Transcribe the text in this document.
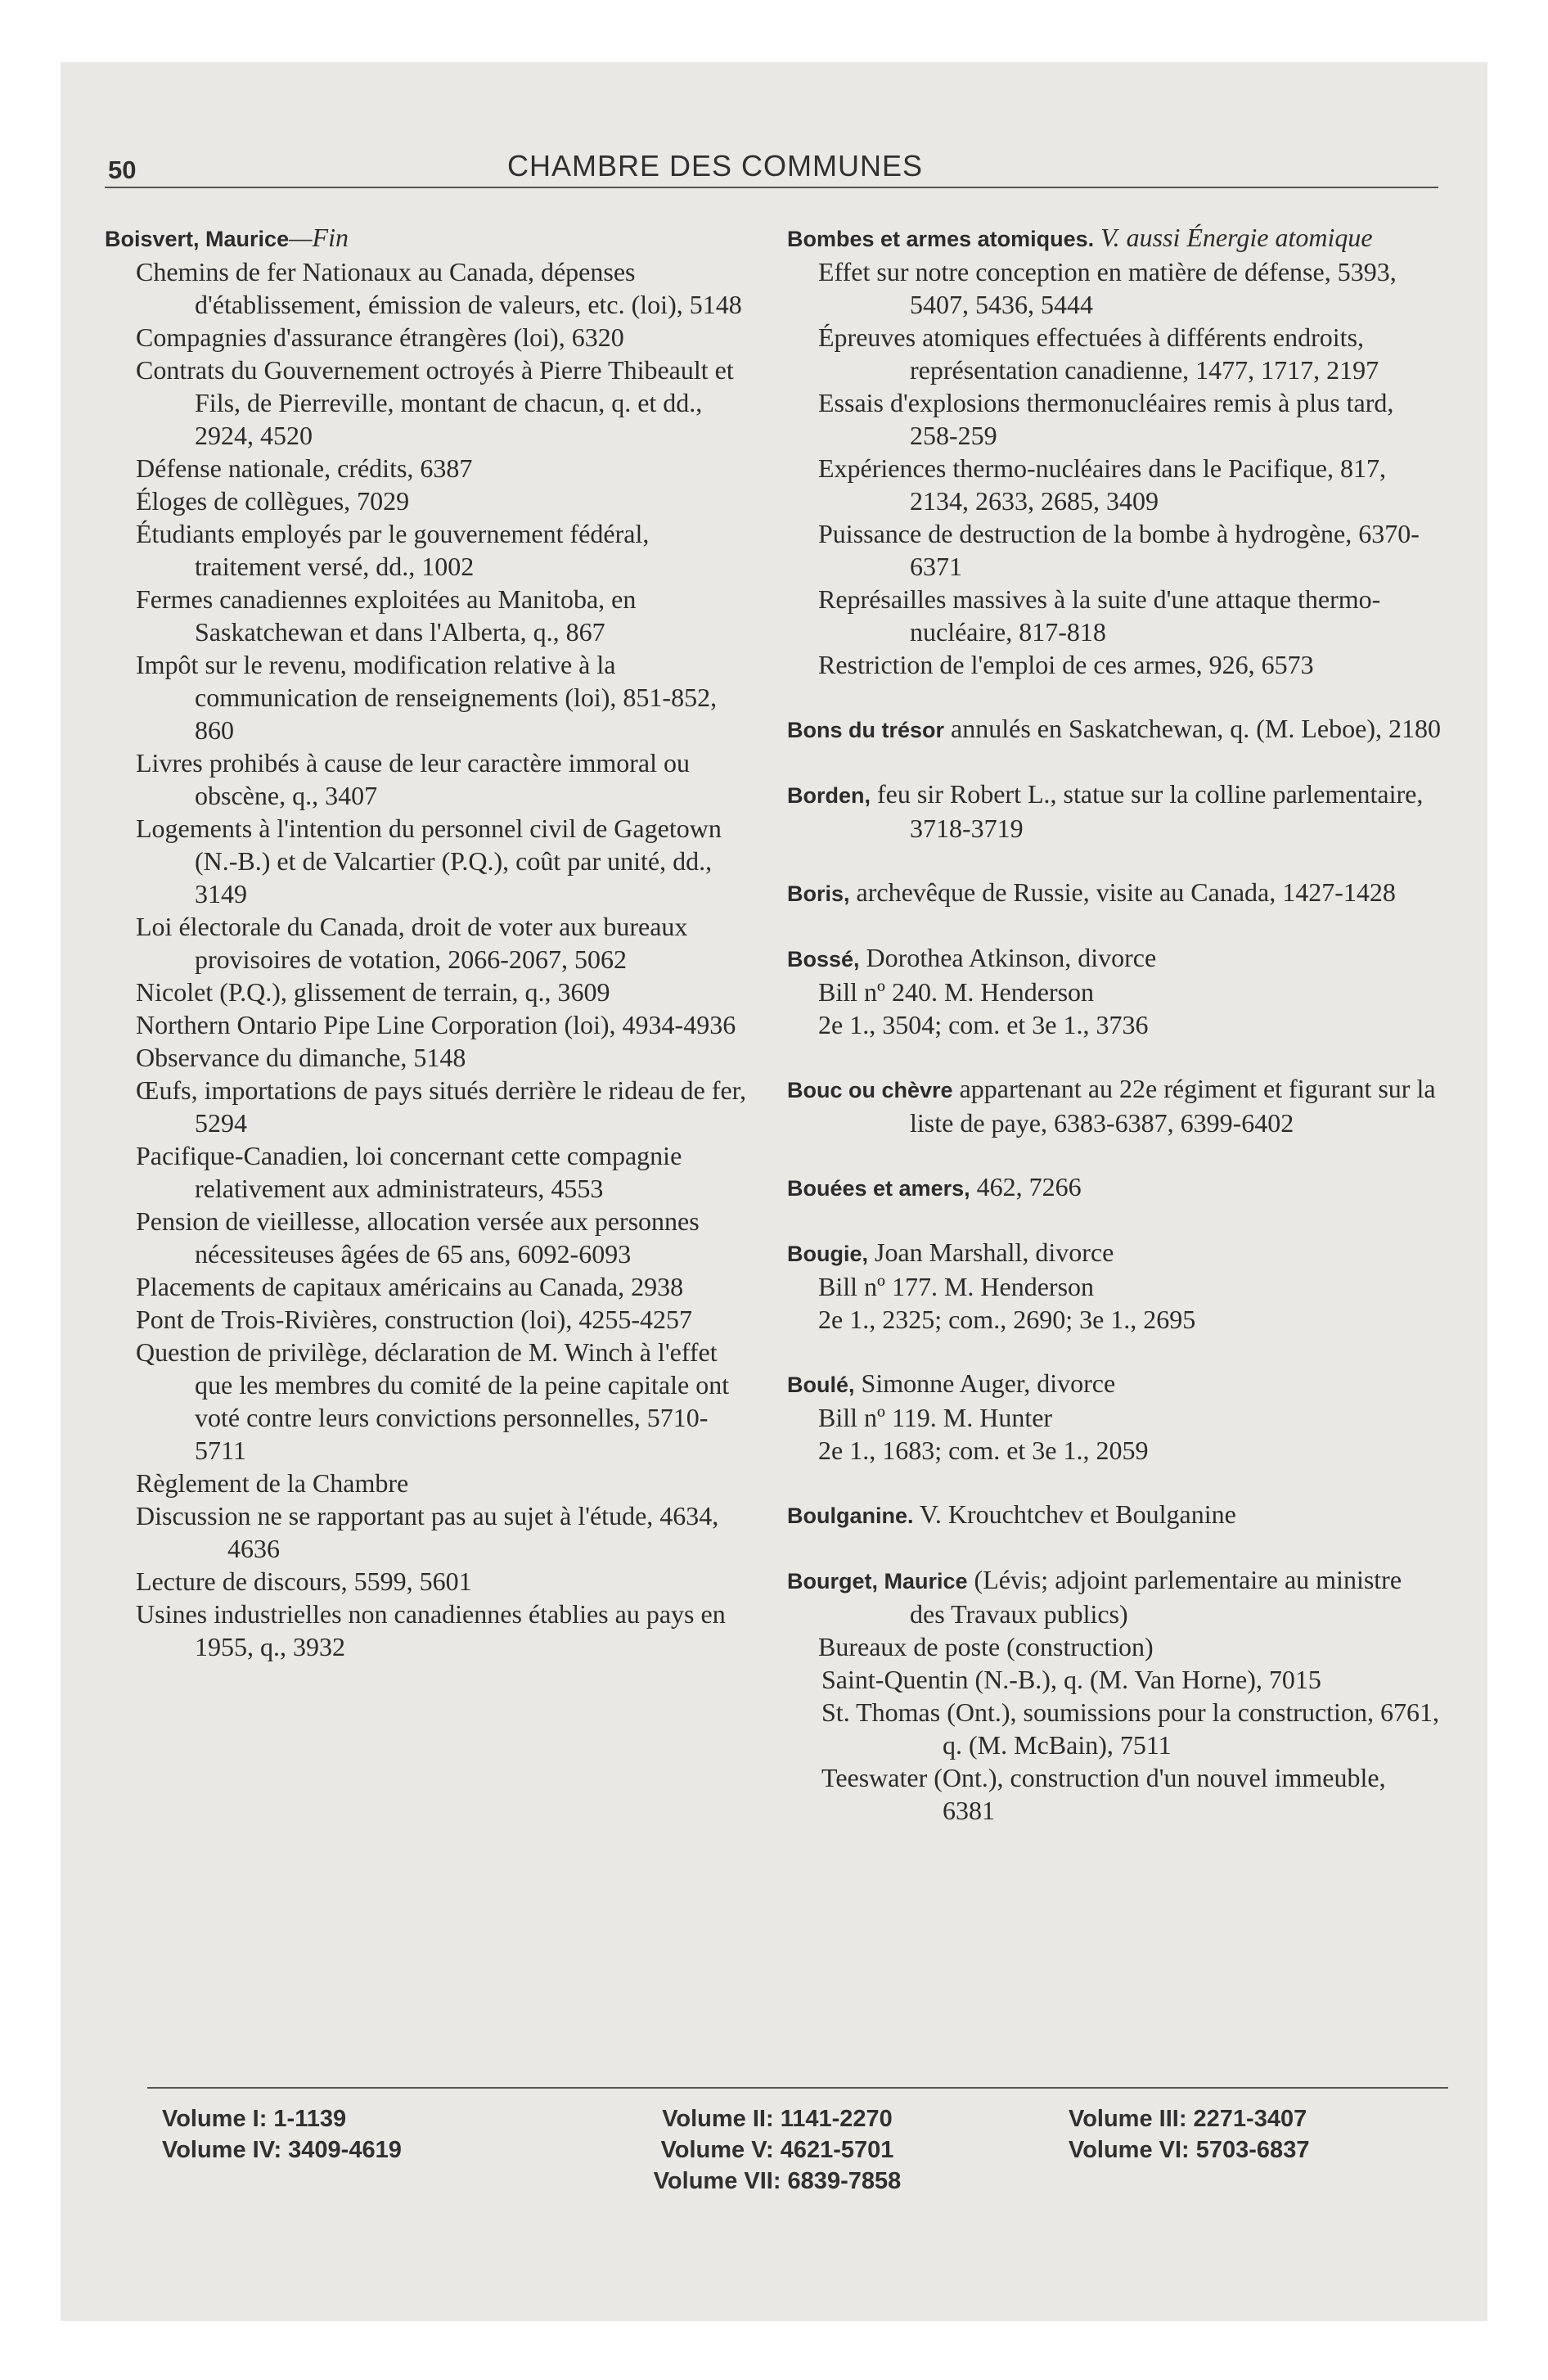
50	CHAMBRE DES COMMUNES

Boisvert, Maurice—Fin

Chemins de fer Nationaux au Canada, dépenses d'établissement, émission de valeurs, etc. (loi), 5148

Compagnies d'assurance étrangères (loi), 6320

Contrats du Gouvernement octroyés à Pierre Thibeault et Fils, de Pierreville, montant de chacun, q. et dd., 2924, 4520

Défense nationale, crédits, 6387

Éloges de collègues, 7029

Étudiants employés par le gouvernement fédéral, traitement versé, dd., 1002

Fermes canadiennes exploitées au Manitoba, en Saskatchewan et dans l'Alberta, q., 867

Impôt sur le revenu, modification relative à la communication de renseignements (loi), 851-852, 860

Livres prohibés à cause de leur caractère immoral ou obscène, q., 3407

Logements à l'intention du personnel civil de Gagetown (N.-B.) et de Valcartier (P.Q.), coût par unité, dd., 3149

Loi électorale du Canada, droit de voter aux bureaux provisoires de votation, 2066-2067, 5062

Nicolet (P.Q.), glissement de terrain, q., 3609

Northern Ontario Pipe Line Corporation (loi), 4934-4936

Observance du dimanche, 5148

Œufs, importations de pays situés derrière le rideau de fer, 5294

Pacifique-Canadien, loi concernant cette compagnie relativement aux administrateurs, 4553

Pension de vieillesse, allocation versée aux personnes nécessiteuses âgées de 65 ans, 6092-6093

Placements de capitaux américains au Canada, 2938

Pont de Trois-Rivières, construction (loi), 4255-4257

Question de privilège, déclaration de M. Winch à l'effet que les membres du comité de la peine capitale ont voté contre leurs convictions personnelles, 5710-5711

Règlement de la Chambre

Discussion ne se rapportant pas au sujet à l'étude, 4634, 4636

Lecture de discours, 5599, 5601

Usines industrielles non canadiennes établies au pays en 1955, q., 3932

Bombes et armes atomiques. V. aussi Énergie atomique

Effet sur notre conception en matière de défense, 5393, 5407, 5436, 5444

Épreuves atomiques effectuées à différents endroits, représentation canadienne, 1477, 1717, 2197

Essais d'explosions thermonucléaires remis à plus tard, 258-259

Expériences thermo-nucléaires dans le Pacifique, 817, 2134, 2633, 2685, 3409

Puissance de destruction de la bombe à hydrogène, 6370-6371

Représailles massives à la suite d'une attaque thermo-nucléaire, 817-818

Restriction de l'emploi de ces armes, 926, 6573

Bons du trésor annulés en Saskatchewan, q. (M. Leboe), 2180

Borden, feu sir Robert L., statue sur la colline parlementaire, 3718-3719

Boris, archevêque de Russie, visite au Canada, 1427-1428

Bossé, Dorothea Atkinson, divorce

Bill nº 240. M. Henderson

2e 1., 3504; com. et 3e 1., 3736

Bouc ou chèvre appartenant au 22e régiment et figurant sur la liste de paye, 6383-6387, 6399-6402

Bouées et amers, 462, 7266

Bougie, Joan Marshall, divorce

Bill nº 177. M. Henderson

2e 1., 2325; com., 2690; 3e 1., 2695

Boulé, Simonne Auger, divorce

Bill nº 119. M. Hunter

2e 1., 1683; com. et 3e 1., 2059

Boulganine. V. Krouchtchev et Boulganine

Bourget, Maurice (Lévis; adjoint parlementaire au ministre des Travaux publics)

Bureaux de poste (construction)

Saint-Quentin (N.-B.), q. (M. Van Horne), 7015

St. Thomas (Ont.), soumissions pour la construction, 6761, q. (M. McBain), 7511

Teeswater (Ont.), construction d'un nouvel immeuble, 6381

Volume I: 1-1139
Volume IV: 3409-4619
Volume II: 1141-2270
Volume V: 4621-5701
Volume VII: 6839-7858
Volume III: 2271-3407
Volume VI: 5703-6837
